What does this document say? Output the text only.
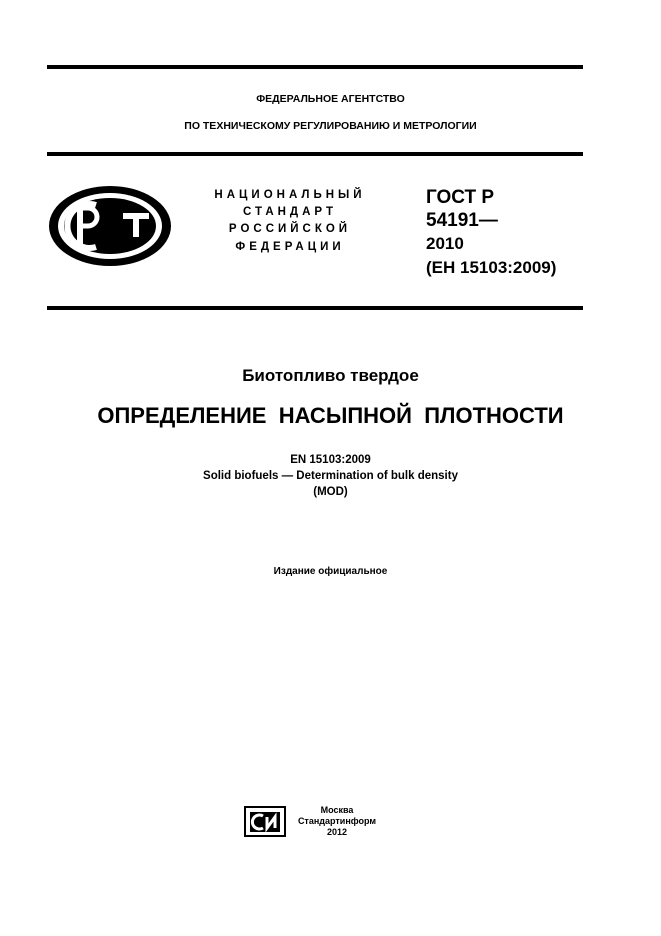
ФЕДЕРАЛЬНОЕ АГЕНТСТВО
ПО ТЕХНИЧЕСКОМУ РЕГУЛИРОВАНИЮ И МЕТРОЛОГИИ
НАЦИОНАЛЬНЫЙ
СТАНДАРТ
РОССИЙСКОЙ
ФЕДЕРАЦИИ
ГОСТ Р
54191—
2010
(ЕН 15103:2009)
Биотопливо твердое
ОПРЕДЕЛЕНИЕ  НАСЫПНОЙ  ПЛОТНОСТИ
EN 15103:2009
Solid biofuels — Determination of bulk density
(MOD)
Издание официальное
Москва
Стандартинформ
2012
